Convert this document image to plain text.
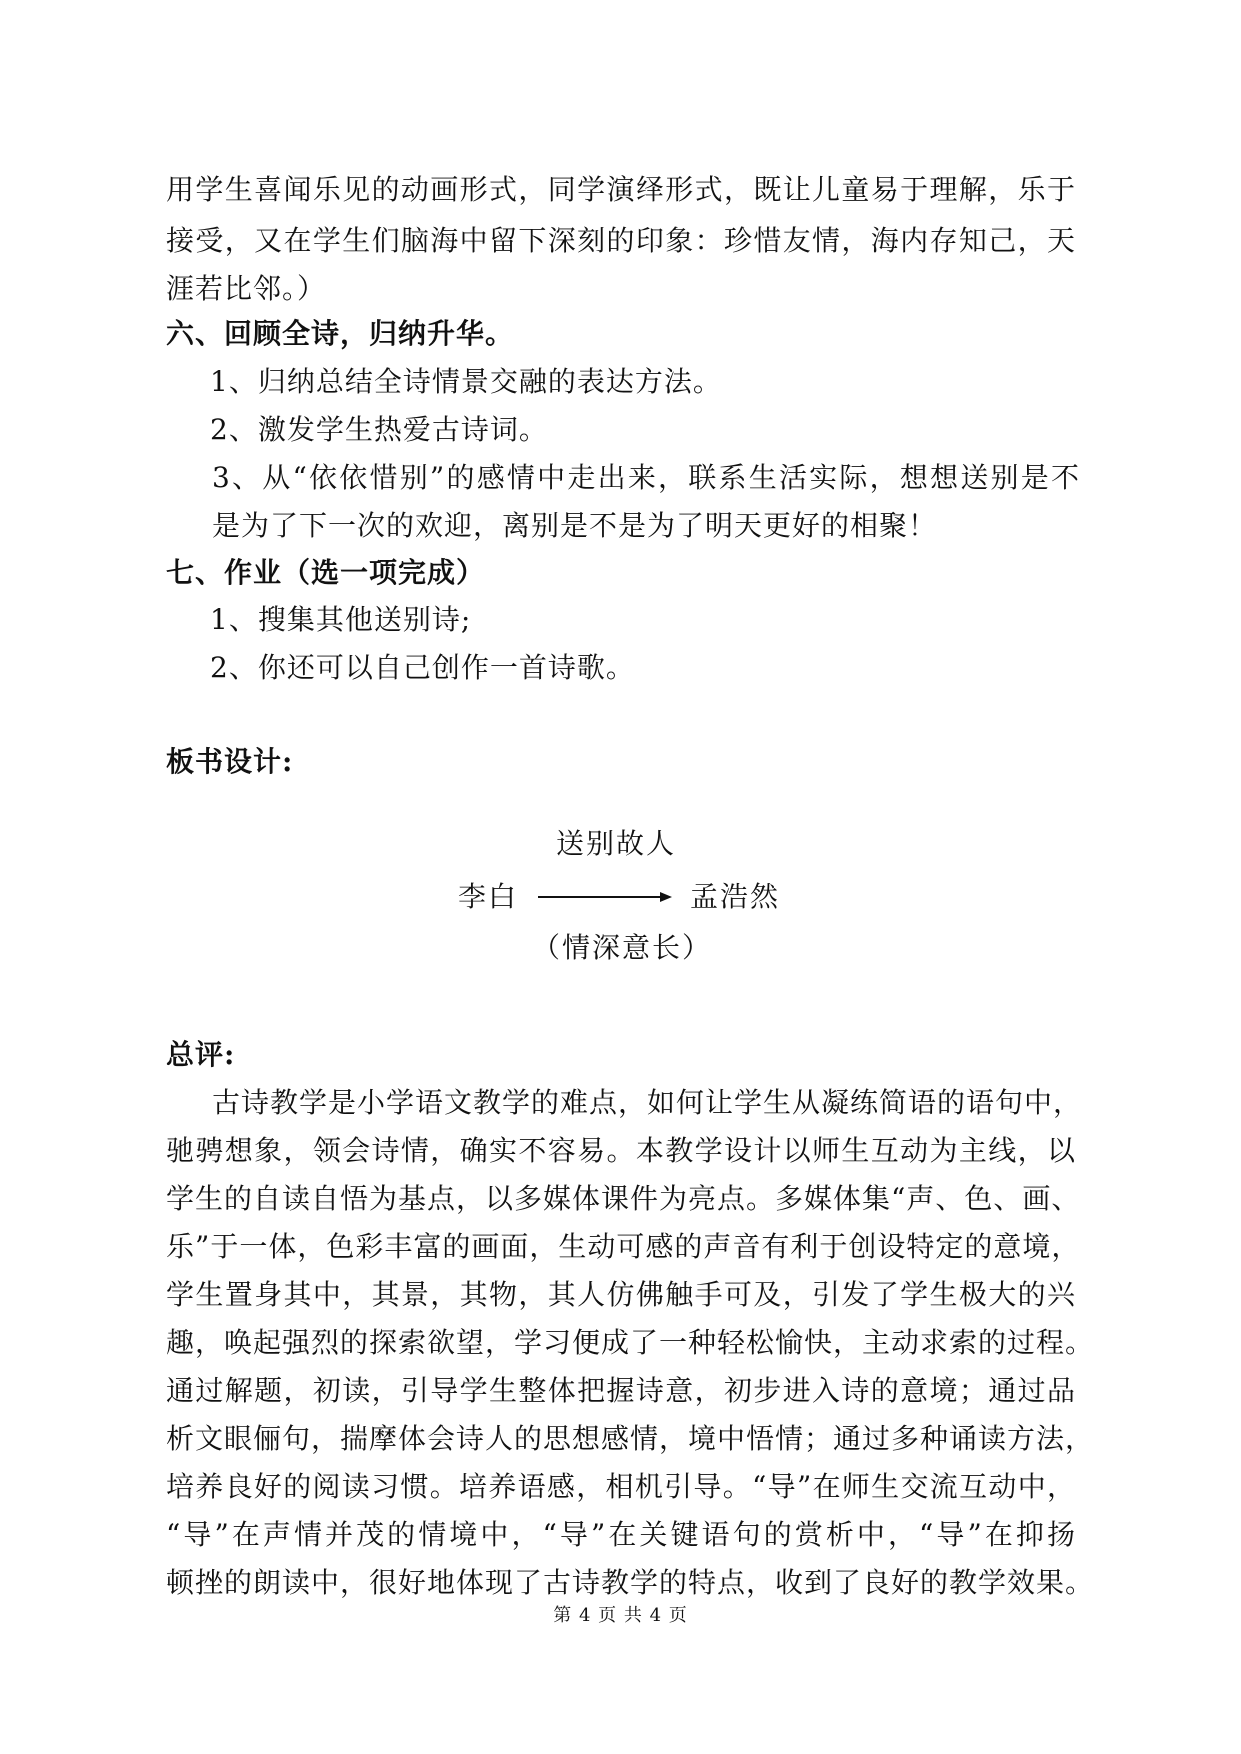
用学生喜闻乐见的动画形式，同学演绎形式，既让儿童易于理解，乐于
接受，又在学生们脑海中留下深刻的印象：珍惜友情，海内存知己，天
涯若比邻。）
六、回顾全诗，归纳升华。
1、归纳总结全诗情景交融的表达方法。
2、激发学生热爱古诗词。
3、从“依依惜别”的感情中走出来，联系生活实际，想想送别是不
是为了下一次的欢迎，离别是不是为了明天更好的相聚！
七、作业（选一项完成）
1、搜集其他送别诗;
2、你还可以自己创作一首诗歌。
板书设计:
送别故人
李白	孟浩然
（情深意长）
总评:
古诗教学是小学语文教学的难点，如何让学生从凝练简语的语句中，
驰骋想象，领会诗情，确实不容易。本教学设计以师生互动为主线，以
学生的自读自悟为基点，以多媒体课件为亮点。多媒体集“声、色、画、
乐”于一体，色彩丰富的画面，生动可感的声音有利于创设特定的意境，
学生置身其中，其景，其物，其人仿佛触手可及，引发了学生极大的兴
趣，唤起强烈的探索欲望，学习便成了一种轻松愉快，主动求索的过程。
通过解题，初读，引导学生整体把握诗意，初步进入诗的意境；通过品
析文眼俪句，揣摩体会诗人的思想感情，境中悟情；通过多种诵读方法，
培养良好的阅读习惯。培养语感，相机引导。“导”在师生交流互动中，
“导”在声情并茂的情境中，“导”在关键语句的赏析中，“导”在抑扬
顿挫的朗读中，很好地体现了古诗教学的特点，收到了良好的教学效果。
第 4 页 共 4 页
